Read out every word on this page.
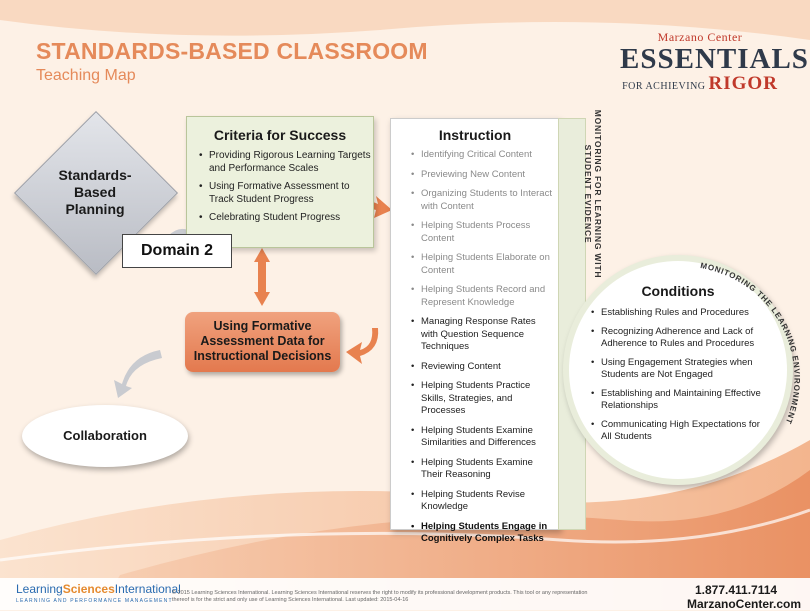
STANDARDS-BASED CLASSROOM
Teaching Map
Marzano Center
ESSENTIALS
FOR ACHIEVING RIGOR
Standards-Based Planning
Criteria for Success
• Providing Rigorous Learning Targets and Performance Scales
• Using Formative Assessment to Track Student Progress
• Celebrating Student Progress
Domain 2
Using Formative Assessment Data for Instructional Decisions
Collaboration
Instruction
• Identifying Critical Content
• Previewing New Content
• Organizing Students to Interact with Content
• Helping Students Process Content
• Helping Students Elaborate on Content
• Helping Students Record and Represent Knowledge
• Managing Response Rates with Question Sequence Techniques
• Reviewing Content
• Helping Students Practice Skills, Strategies, and Processes
• Helping Students Examine Similarities and Differences
• Helping Students Examine Their Reasoning
• Helping Students Revise Knowledge
• Helping Students Engage in Cognitively Complex Tasks
MONITORING FOR LEARNING WITH STUDENT EVIDENCE
Conditions
• Establishing Rules and Procedures
• Recognizing Adherence and Lack of Adherence to Rules and Procedures
• Using Engagement Strategies when Students are Not Engaged
• Establishing and Maintaining Effective Relationships
• Communicating High Expectations for All Students
MONITORING THE LEARNING ENVIRONMENT
LearningSciencesInternational
LEARNING AND PERFORMANCE MANAGEMENT
© 2015 Learning Sciences International. Learning Sciences International reserves the right to modify its professional development products. This tool or any representation thereof is for the strict and only use of Learning Sciences International. Last updated: 2015-04-16
1.877.411.7114
MarzanoCenter.com
